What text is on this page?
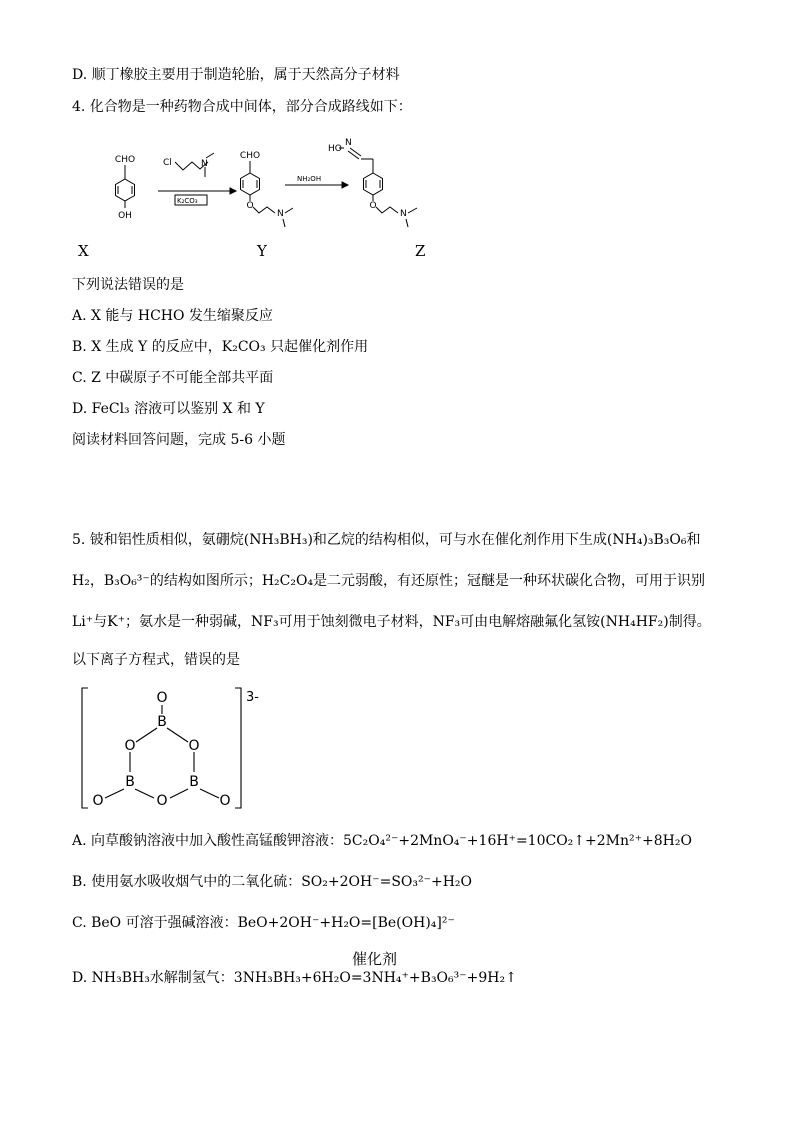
D. 顺丁橡胶主要用于制造轮胎，属于天然高分子材料
4. 化合物是一种药物合成中间体，部分合成路线如下：
CHO
OH
Cl	N
K₂CO₃
CHO
O
N
NH₂OH
HO
N
O
N
X	Y	Z
下列说法错误的是
A. X 能与 HCHO 发生缩聚反应
B. X 生成 Y 的反应中，K₂CO₃ 只起催化剂作用
C. Z 中碳原子不可能全部共平面
D. FeCl₃ 溶液可以鉴别 X 和 Y
阅读材料回答问题，完成 5-6 小题
5. 铍和铝性质相似，氨硼烷(NH₃BH₃)和乙烷的结构相似，可与水在催化剂作用下生成(NH₄)₃B₃O₆和
H₂，B₃O₆³⁻的结构如图所示；H₂C₂O₄是二元弱酸，有还原性；冠醚是一种环状碳化合物，可用于识别
Li⁺与K⁺；氨水是一种弱碱，NF₃可用于蚀刻微电子材料，NF₃可由电解熔融氟化氢铵(NH₄HF₂)制得。
以下离子方程式，错误的是
O
B
O	O
B	B
O
O	O
3-
A. 向草酸钠溶液中加入酸性高锰酸钾溶液：5C₂O₄²⁻+2MnO₄⁻+16H⁺=10CO₂↑+2Mn²⁺+8H₂O
B. 使用氨水吸收烟气中的二氧化硫：SO₂+2OH⁻=SO₃²⁻+H₂O
C. BeO 可溶于强碱溶液：BeO+2OH⁻+H₂O=[Be(OH)₄]²⁻
催化剂
D. NH₃BH₃水解制氢气：3NH₃BH₃+6H₂O=3NH₄⁺+B₃O₆³⁻+9H₂↑
